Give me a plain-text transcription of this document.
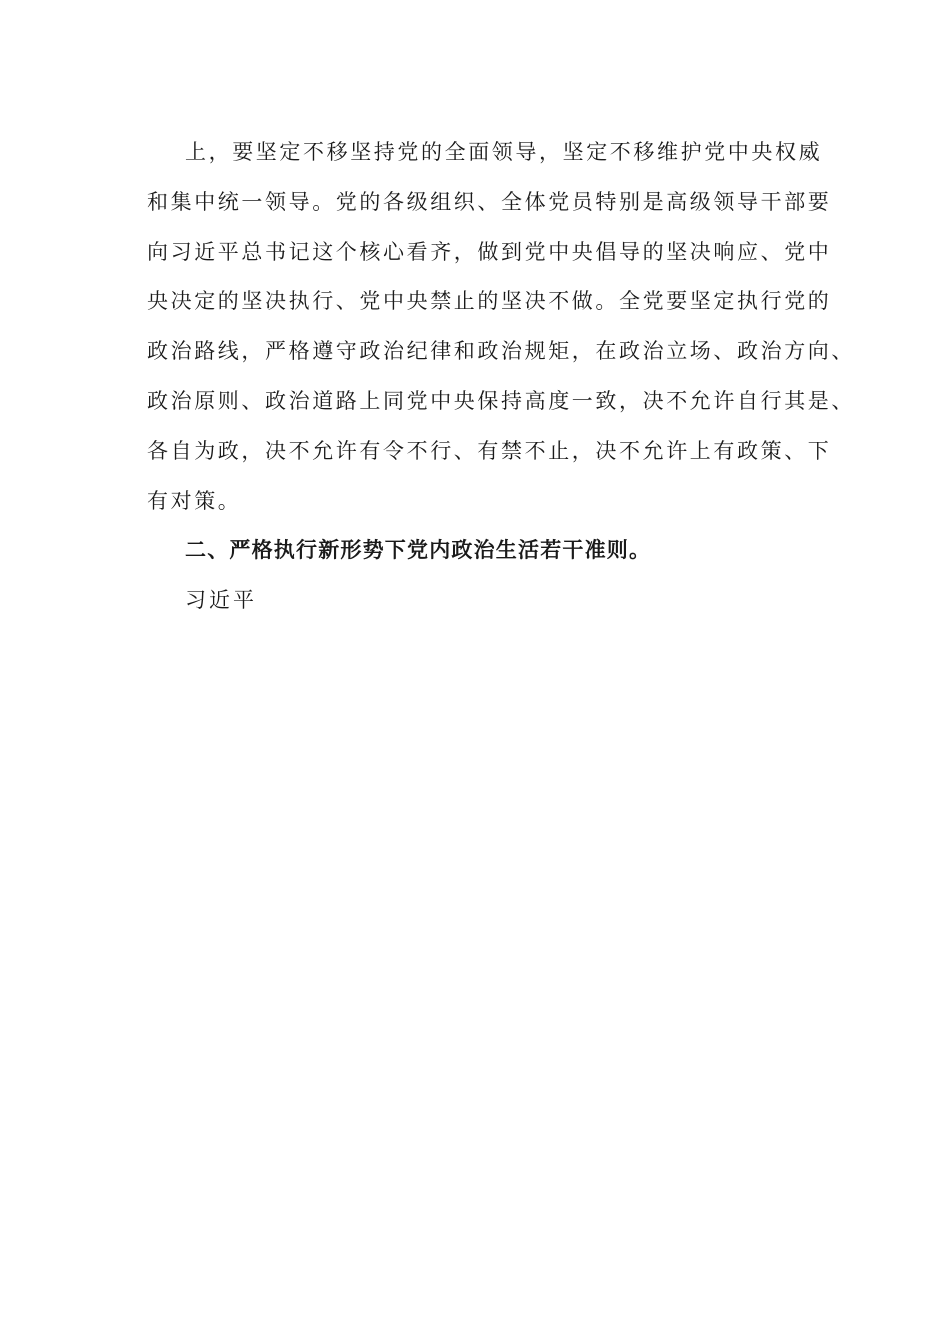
上，要坚定不移坚持党的全面领导，坚定不移维护党中央权威
和集中统一领导。党的各级组织、全体党员特别是高级领导干部要
向习近平总书记这个核心看齐，做到党中央倡导的坚决响应、党中
央决定的坚决执行、党中央禁止的坚决不做。全党要坚定执行党的
政治路线，严格遵守政治纪律和政治规矩，在政治立场、政治方向、
政治原则、政治道路上同党中央保持高度一致，决不允许自行其是、
各自为政，决不允许有令不行、有禁不止，决不允许上有政策、下
有对策。
二、严格执行新形势下党内政治生活若干准则。
习近平
